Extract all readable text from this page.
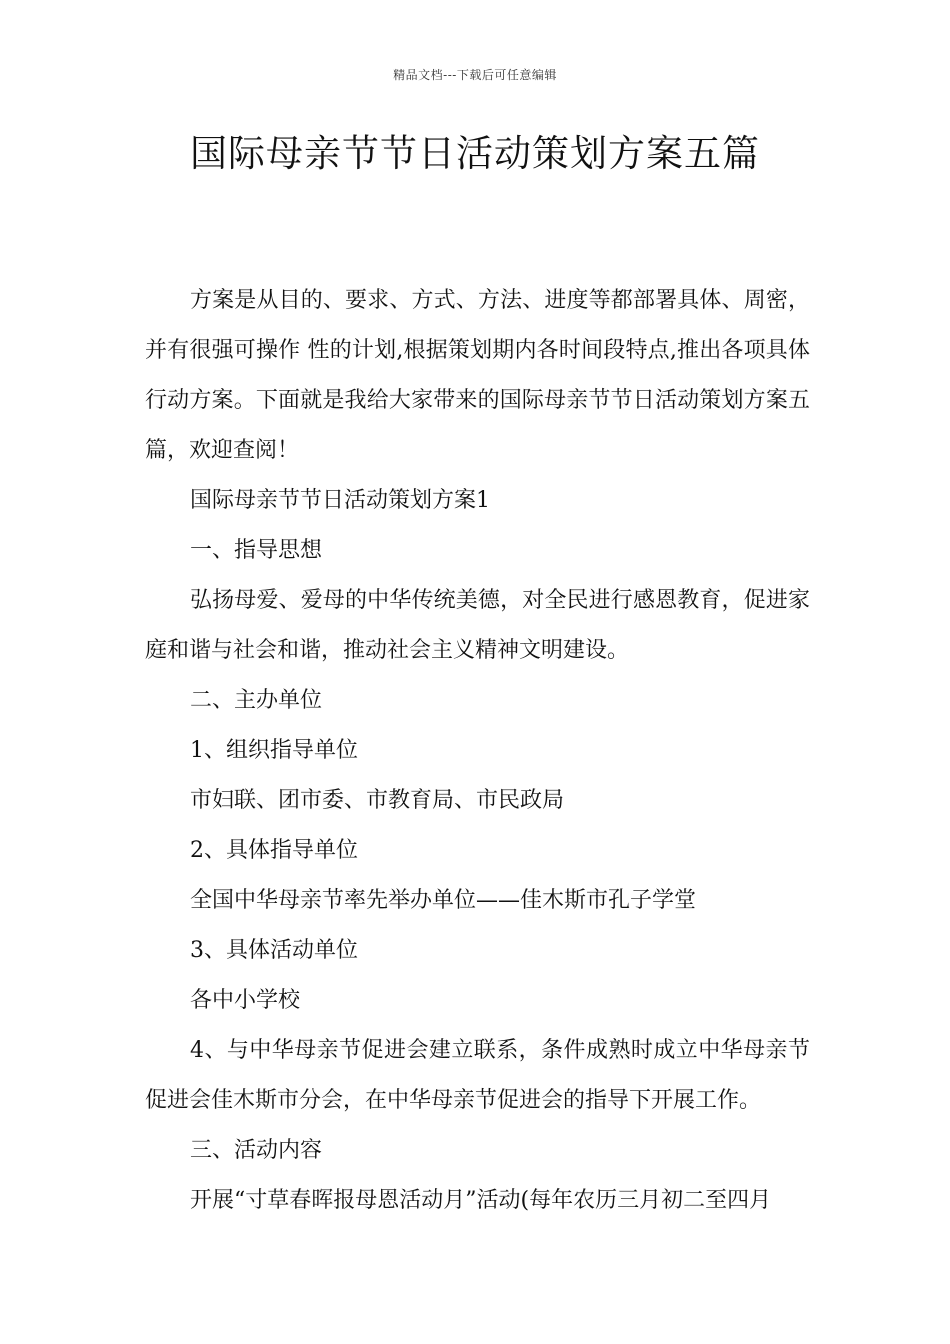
精品文档---下载后可任意编辑
国际母亲节节日活动策划方案五篇

方案是从目的、要求、方式、方法、进度等都部署具体、周密，并有很强可操作 性的计划,根据策划期内各时间段特点,推出各项具体行动方案。下面就是我给大家带来的国际母亲节节日活动策划方案五篇，欢迎查阅！

国际母亲节节日活动策划方案1

一、指导思想

弘扬母爱、爱母的中华传统美德，对全民进行感恩教育，促进家庭和谐与社会和谐，推动社会主义精神文明建设。

二、主办单位

1、组织指导单位

市妇联、团市委、市教育局、市民政局

2、具体指导单位

全国中华母亲节率先举办单位——佳木斯市孔子学堂

3、具体活动单位

各中小学校

4、与中华母亲节促进会建立联系，条件成熟时成立中华母亲节促进会佳木斯市分会，在中华母亲节促进会的指导下开展工作。

三、活动内容

开展“寸草春晖报母恩活动月”活动(每年农历三月初二至四月
